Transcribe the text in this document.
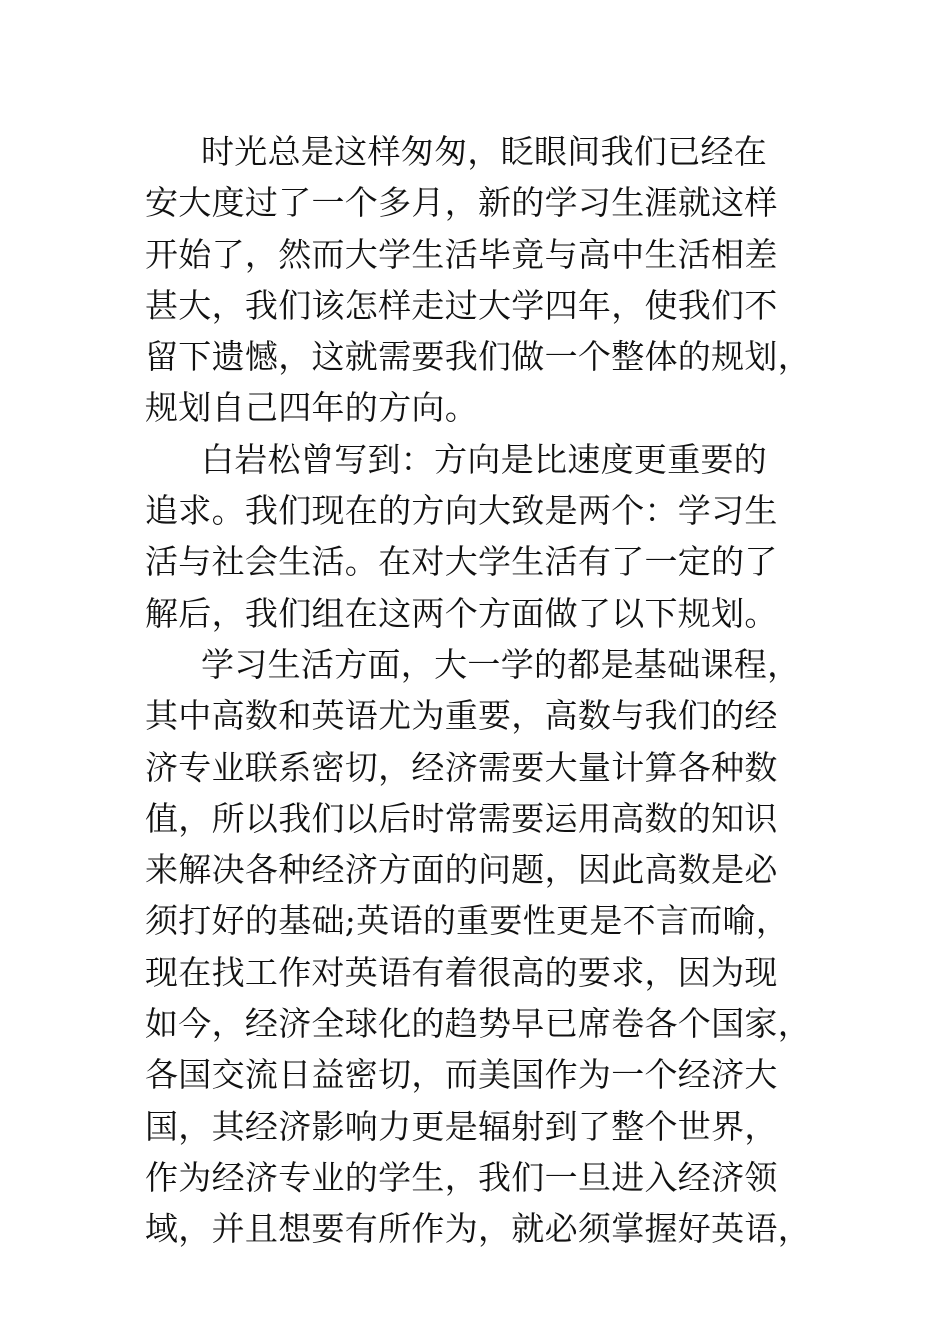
时光总是这样匆匆，眨眼间我们已经在
安大度过了一个多月，新的学习生涯就这样
开始了，然而大学生活毕竟与高中生活相差
甚大，我们该怎样走过大学四年，使我们不
留下遗憾，这就需要我们做一个整体的规划，
规划自己四年的方向。
白岩松曾写到：方向是比速度更重要的
追求。我们现在的方向大致是两个：学习生
活与社会生活。在对大学生活有了一定的了
解后，我们组在这两个方面做了以下规划。
学习生活方面，大一学的都是基础课程，
其中高数和英语尤为重要，高数与我们的经
济专业联系密切，经济需要大量计算各种数
值，所以我们以后时常需要运用高数的知识
来解决各种经济方面的问题，因此高数是必
须打好的基础;英语的重要性更是不言而喻，
现在找工作对英语有着很高的要求，因为现
如今，经济全球化的趋势早已席卷各个国家，
各国交流日益密切，而美国作为一个经济大
国，其经济影响力更是辐射到了整个世界，
作为经济专业的学生，我们一旦进入经济领
域，并且想要有所作为，就必须掌握好英语，
